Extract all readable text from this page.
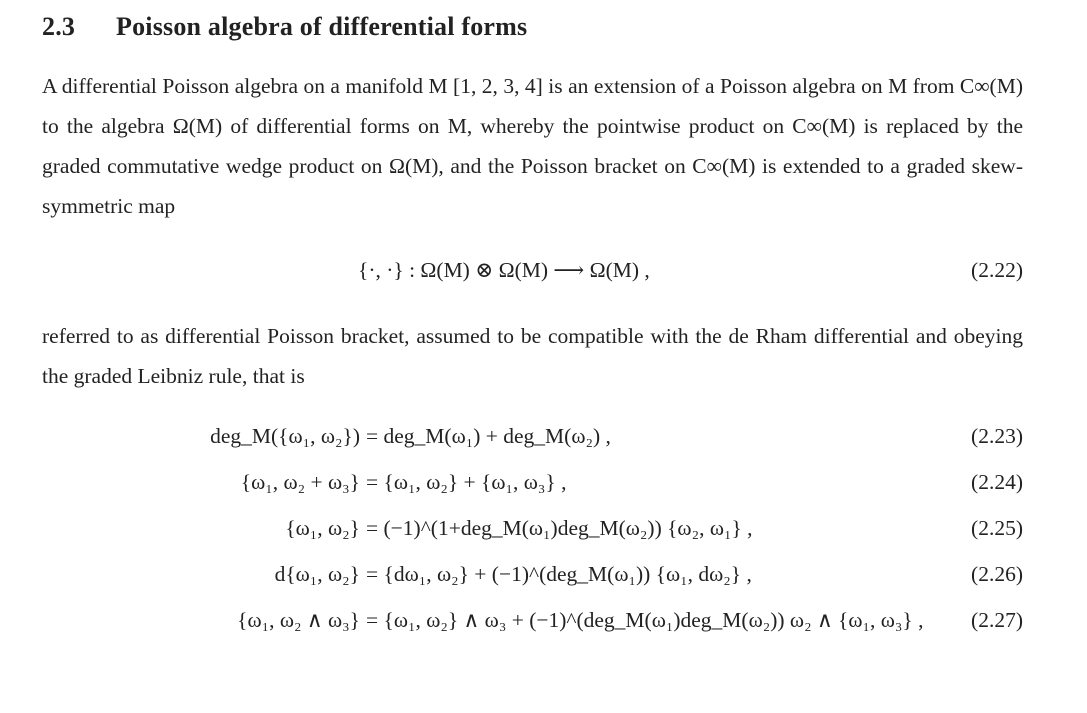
2.3 Poisson algebra of differential forms
A differential Poisson algebra on a manifold M [1, 2, 3, 4] is an extension of a Poisson algebra on M from C∞(M) to the algebra Ω(M) of differential forms on M, whereby the pointwise product on C∞(M) is replaced by the graded commutative wedge product on Ω(M), and the Poisson bracket on C∞(M) is extended to a graded skew-symmetric map
{·, ·} : Ω(M) ⊗ Ω(M) ⟶ Ω(M) ,	(2.22)
referred to as differential Poisson bracket, assumed to be compatible with the de Rham differential and obeying the graded Leibniz rule, that is
deg_M({ω₁, ω₂}) = deg_M(ω₁) + deg_M(ω₂) ,	(2.23)
{ω₁, ω₂ + ω₃} = {ω₁, ω₂} + {ω₁, ω₃} ,	(2.24)
{ω₁, ω₂} = (−1)^(1+deg_M(ω₁)deg_M(ω₂)) {ω₂, ω₁} ,	(2.25)
d{ω₁, ω₂} = {dω₁, ω₂} + (−1)^(deg_M(ω₁)) {ω₁, dω₂} ,	(2.26)
{ω₁, ω₂ ∧ ω₃} = {ω₁, ω₂} ∧ ω₃ + (−1)^(deg_M(ω₁)deg_M(ω₂)) ω₂ ∧ {ω₁, ω₃} , (2.27)
